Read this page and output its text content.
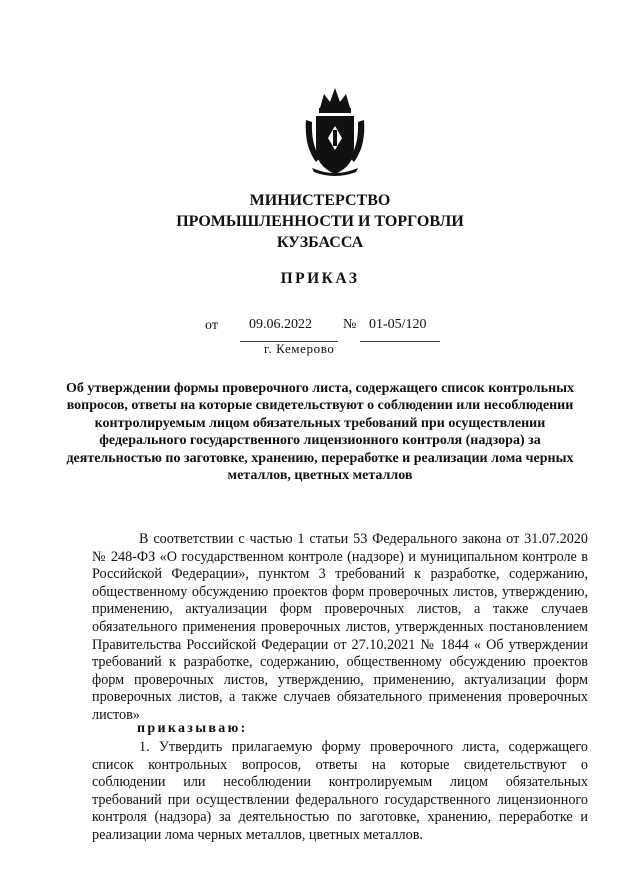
МИНИСТЕРСТВО
ПРОМЫШЛЕННОСТИ И ТОРГОВЛИ
КУЗБАССА
ПРИКАЗ
от 09.06.2022 № 01-05/120
г. Кемерово
Об утверждении формы проверочного листа, содержащего список контрольных вопросов, ответы на которые свидетельствуют о соблюдении или несоблюдении контролируемым лицом обязательных требований при осуществлении федерального государственного лицензионного контроля (надзора) за деятельностью по заготовке, хранению, переработке и реализации лома черных металлов, цветных металлов
В соответствии с частью 1 статьи 53 Федерального закона от 31.07.2020 № 248-ФЗ «О государственном контроле (надзоре) и муниципальном контроле в Российской Федерации», пунктом 3 требований к разработке, содержанию, общественному обсуждению проектов форм проверочных листов, утверждению, применению, актуализации форм проверочных листов, а также случаев обязательного применения проверочных листов, утвержденных постановлением Правительства Российской Федерации от 27.10.2021 № 1844 « Об утверждении требований к разработке, содержанию, общественному обсуждению проектов форм проверочных листов, утверждению, применению, актуализации форм проверочных листов, а также случаев обязательного применения проверочных листов»
приказываю:
1. Утвердить прилагаемую форму проверочного листа, содержащего список контрольных вопросов, ответы на которые свидетельствуют о соблюдении или несоблюдении контролируемым лицом обязательных требований при осуществлении федерального государственного лицензионного контроля (надзора) за деятельностью по заготовке, хранению, переработке и реализации лома черных металлов, цветных металлов.
